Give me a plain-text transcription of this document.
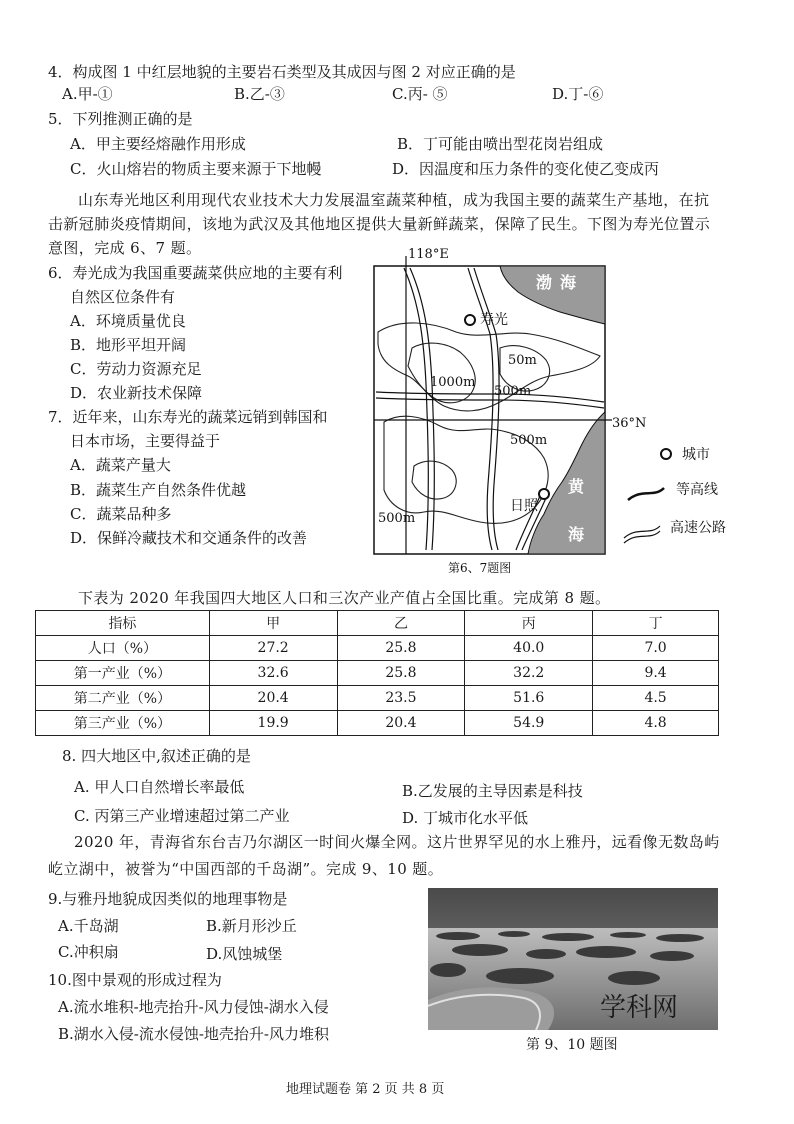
4．构成图 1 中红层地貌的主要岩石类型及其成因与图 2 对应正确的是
A.甲-①	B.乙-③	C.丙- ⑤	D.丁-⑥
5．下列推测正确的是
A．甲主要经熔融作用形成	B．丁可能由喷出型花岗岩组成
C．火山熔岩的物质主要来源于下地幔	D．因温度和压力条件的变化使乙变成丙
山东寿光地区利用现代农业技术大力发展温室蔬菜种植，成为我国主要的蔬菜生产基地，在抗
击新冠肺炎疫情期间，该地为武汉及其他地区提供大量新鲜蔬菜，保障了民生。下图为寿光位置示
意图，完成 6、7 题。
6．寿光成为我国重要蔬菜供应地的主要有利
自然区位条件有
A．环境质量优良
B．地形平坦开阔
C．劳动力资源充足
D．农业新技术保障
7．近年来，山东寿光的蔬菜远销到韩国和
日本市场，主要得益于
A．蔬菜产量大
B．蔬菜生产自然条件优越
C．蔬菜品种多
D．保鲜冷藏技术和交通条件的改善
118°E
36°N
渤 海
黄
海
寿光
日照
50m
1000m
500m
500m
500m
城市
等高线
高速公路
第6、7题图
下表为 2020 年我国四大地区人口和三次产业产值占全国比重。完成第 8 题。
指标	甲	乙	丙	丁
人口（%）	27.2	25.8	40.0	7.0
第一产业（%）	32.6	25.8	32.2	9.4
第二产业（%）	20.4	23.5	51.6	4.5
第三产业（%）	19.9	20.4	54.9	4.8
8. 四大地区中,叙述正确的是
A. 甲人口自然增长率最低	B.乙发展的主导因素是科技
C. 丙第三产业增速超过第二产业	D. 丁城市化水平低
2020 年，青海省东台吉乃尔湖区一时间火爆全网。这片世界罕见的水上雅丹，远看像无数岛屿
屹立湖中，被誉为“中国西部的千岛湖”。完成 9、10 题。
9.与雅丹地貌成因类似的地理事物是
A.千岛湖	B.新月形沙丘
C.冲积扇	D.风蚀城堡
10.图中景观的形成过程为
A.流水堆积-地壳抬升-风力侵蚀-湖水入侵
B.湖水入侵-流水侵蚀-地壳抬升-风力堆积
学科网
第 9、10 题图
地理试题卷 第 2 页 共 8 页
